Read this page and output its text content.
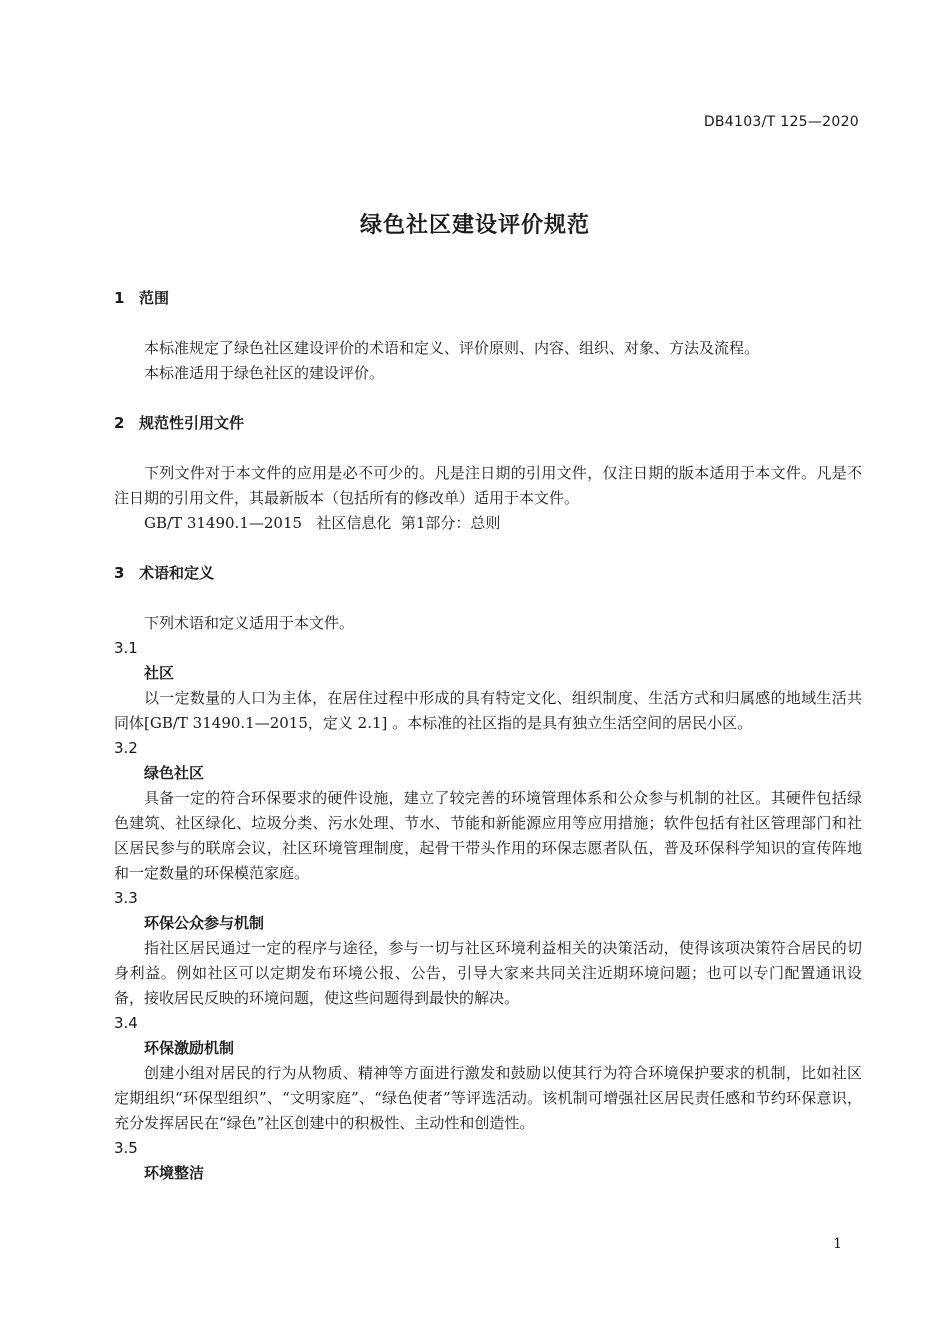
DB4103/T 125—2020
绿色社区建设评价规范
1 范围
本标准规定了绿色社区建设评价的术语和定义、评价原则、内容、组织、对象、方法及流程。
本标准适用于绿色社区的建设评价。
2 规范性引用文件
下列文件对于本文件的应用是必不可少的。凡是注日期的引用文件，仅注日期的版本适用于本文件。凡是不注日期的引用文件，其最新版本（包括所有的修改单）适用于本文件。
GB/T 31490.1—2015   社区信息化  第1部分：总则
3 术语和定义
下列术语和定义适用于本文件。
3.1
社区
以一定数量的人口为主体，在居住过程中形成的具有特定文化、组织制度、生活方式和归属感的地域生活共同体[GB/T 31490.1—2015，定义 2.1] 。本标准的社区指的是具有独立生活空间的居民小区。
3.2
绿色社区
具备一定的符合环保要求的硬件设施，建立了较完善的环境管理体系和公众参与机制的社区。其硬件包括绿色建筑、社区绿化、垃圾分类、污水处理、节水、节能和新能源应用等应用措施；软件包括有社区管理部门和社区居民参与的联席会议，社区环境管理制度，起骨干带头作用的环保志愿者队伍，普及环保科学知识的宣传阵地和一定数量的环保模范家庭。
3.3
环保公众参与机制
指社区居民通过一定的程序与途径，参与一切与社区环境利益相关的决策活动，使得该项决策符合居民的切身利益。例如社区可以定期发布环境公报、公告，引导大家来共同关注近期环境问题；也可以专门配置通讯设备，接收居民反映的环境问题，使这些问题得到最快的解决。
3.4
环保激励机制
创建小组对居民的行为从物质、精神等方面进行激发和鼓励以使其行为符合环境保护要求的机制，比如社区定期组织“环保型组织”、“文明家庭”、“绿色使者”等评选活动。该机制可增强社区居民责任感和节约环保意识，充分发挥居民在“绿色”社区创建中的积极性、主动性和创造性。
3.5
环境整洁
1
